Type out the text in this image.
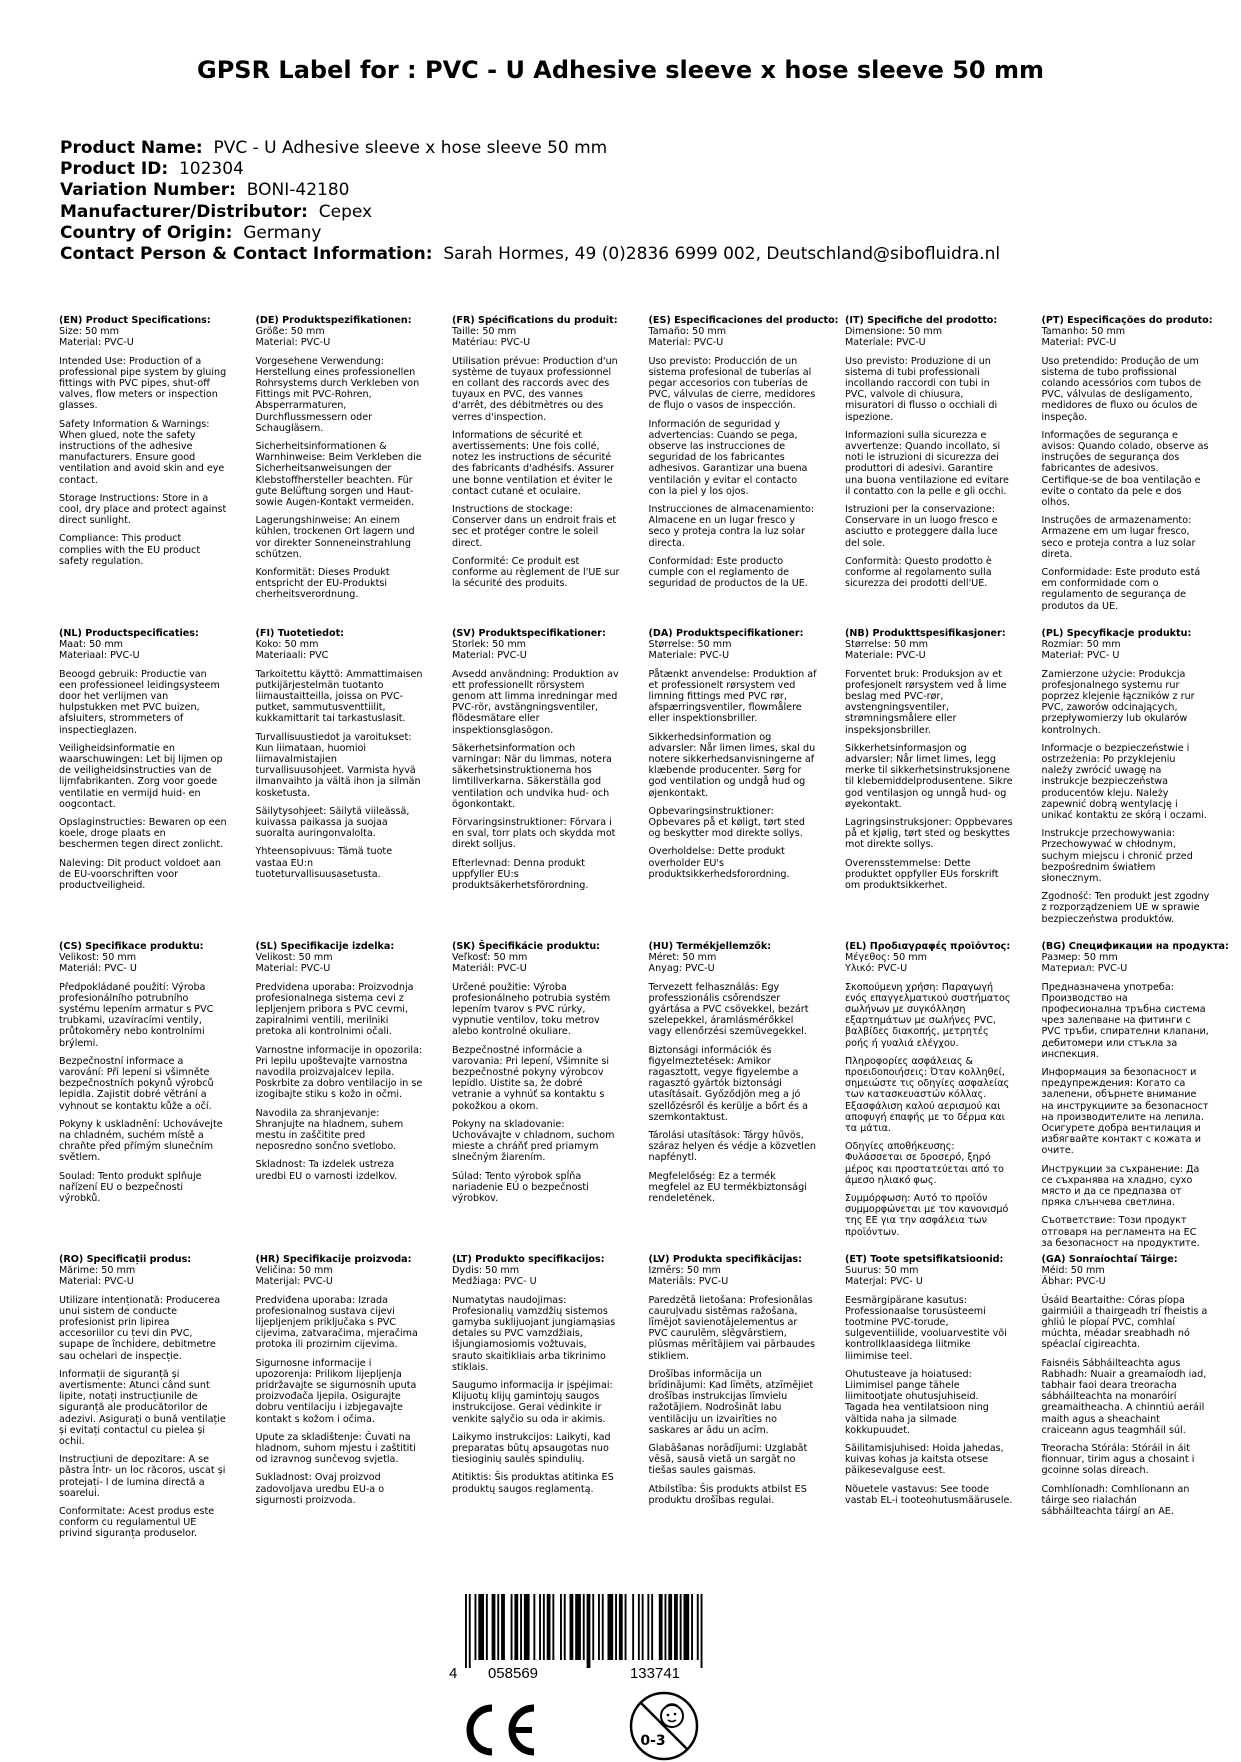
GPSR Label for : PVC - U Adhesive sleeve x hose sleeve 50 mm
Product Name: PVC - U Adhesive sleeve x hose sleeve 50 mm
Product ID: 102304
Variation Number: BONI-42180
Manufacturer/Distributor: Cepex
Country of Origin: Germany
Contact Person & Contact Information: Sarah Hormes, 49 (0)2836 6999 002, Deutschland@sibofluidra.nl
(EN) Product Specifications:
Size: 50 mm
Material: PVC-U
Intended Use: Production of a professional pipe system by gluing fittings with PVC pipes, shut-off valves, flow meters or inspection glasses.
Safety Information & Warnings: When glued, note the safety instructions of the adhesive manufacturers. Ensure good ventilation and avoid skin and eye contact.
Storage Instructions: Store in a cool, dry place and protect against direct sunlight.
Compliance: This product complies with the EU product safety regulation.
(DE) Produktspezifikationen:
Größe: 50 mm
Material: PVC-U
Vorgesehene Verwendung: Herstellung eines professionellen Rohrsystems durch Verkleben von Fittings mit PVC-Rohren, Absperrarmaturen, Durchflussmessern oder Schaugläsern.
Sicherheitsinformationen & Warnhinweise: Beim Verkleben die Sicherheitsanweisungen der Klebstoffhersteller beachten. Für gute Belüftung sorgen und Haut- sowie Augen-Kontakt vermeiden.
Lagerungshinweise: An einem kühlen, trockenen Ort lagern und vor direkter Sonneneinstrahlung schützen.
Konformität: Dieses Produkt entspricht der EU-Produktsi cherheitsverordnung.
(FR) Spécifications du produit:
Taille: 50 mm
Matériau: PVC-U
Utilisation prévue: Production d'un système de tuyaux professionnel en collant des raccords avec des tuyaux en PVC, des vannes d'arrêt, des débitmètres ou des verres d'inspection.
Informations de sécurité et avertissements: Une fois collé, notez les instructions de sécurité des fabricants d'adhésifs. Assurer une bonne ventilation et éviter le contact cutané et oculaire.
Instructions de stockage: Conserver dans un endroit frais et sec et protéger contre le soleil direct.
Conformité: Ce produit est conforme au règlement de l'UE sur la sécurité des produits.
(ES) Especificaciones del producto:
Tamaño: 50 mm
Material: PVC-U
Uso previsto: Producción de un sistema profesional de tuberías al pegar accesorios con tuberías de PVC, válvulas de cierre, medidores de flujo o vasos de inspección.
Información de seguridad y advertencias: Cuando se pega, observe las instrucciones de seguridad de los fabricantes adhesivos. Garantizar una buena ventilación y evitar el contacto con la piel y los ojos.
Instrucciones de almacenamiento: Almacene en un lugar fresco y seco y proteja contra la luz solar directa.
Conformidad: Este producto cumple con el reglamento de seguridad de productos de la UE.
(IT) Specifiche del prodotto:
Dimensione: 50 mm
Materiale: PVC-U
Uso previsto: Produzione di un sistema di tubi professionali incollando raccordi con tubi in PVC, valvole di chiusura, misuratori di flusso o occhiali di ispezione.
Informazioni sulla sicurezza e avvertenze: Quando incollato, si noti le istruzioni di sicurezza dei produttori di adesivi. Garantire una buona ventilazione ed evitare il contatto con la pelle e gli occhi.
Istruzioni per la conservazione: Conservare in un luogo fresco e asciutto e proteggere dalla luce del sole.
Conformità: Questo prodotto è conforme al regolamento sulla sicurezza dei prodotti dell'UE.
(PT) Especificações do produto:
Tamanho: 50 mm
Material: PVC-U
Uso pretendido: Produção de um sistema de tubo profissional colando acessórios com tubos de PVC, válvulas de desligamento, medidores de fluxo ou óculos de inspeção.
Informações de segurança e avisos: Quando colado, observe as instruções de segurança dos fabricantes de adesivos. Certifique-se de boa ventilação e evite o contato da pele e dos olhos.
Instruções de armazenamento: Armazene em um lugar fresco, seco e proteja contra a luz solar direta.
Conformidade: Este produto está em conformidade com o regulamento de segurança de produtos da UE.
(NL) Productspecificaties:
Maat: 50 mm
Materiaal: PVC-U
Beoogd gebruik: Productie van een professioneel leidingsysteem door het verlijmen van hulpstukken met PVC buizen, afsluiters, strommeters of inspectieglazen.
Veiligheidsinformatie en waarschuwingen: Let bij lijmen op de veiligheidsinstructies van de lijmfabrikanten. Zorg voor goede ventilatie en vermijd huid- en oogcontact.
Opslaginstructies: Bewaren op een koele, droge plaats en beschermen tegen direct zonlicht.
Naleving: Dit product voldoet aan de EU-voorschriften voor productveiligheid.
(FI) Tuotetiedot:
Koko: 50 mm
Materiaali: PVC
Tarkoitettu käyttö: Ammattimaisen putkijärjestelmän tuotanto liimaustaitteilla, joissa on PVC-putket, sammutusventtiilit, kukkamittarit tai tarkastuslasit.
Turvallisuustiedot ja varoitukset: Kun liimataan, huomioi liimavalmistajien turvallisuusohjeet. Varmista hyvä ilmanvaihto ja vältä ihon ja silmän kosketusta.
Säilytysohjeet: Säilytä viileässä, kuivassa paikassa ja suojaa suoralta auringonvalolta.
Yhteensopivuus: Tämä tuote vastaa EU:n tuoteturvallisuusasetusta.
(SV) Produktspecifikationer:
Storlek: 50 mm
Material: PVC-U
Avsedd användning: Produktion av ett professionellt rörsystem genom att limma inredningar med PVC-rör, avstängningsventiler, flödesmätare eller inspektionsglasögon.
Säkerhetsinformation och varningar: När du limmas, notera säkerhetsinstruktionerna hos limtillverkarna. Säkerställa god ventilation och undvika hud- och ögonkontakt.
Förvaringsinstruktioner: Förvara i en sval, torr plats och skydda mot direkt solljus.
Efterlevnad: Denna produkt uppfyller EU:s produktsäkerhetsförordning.
(DA) Produktspecifikationer:
Størrelse: 50 mm
Materiale: PVC-U
Påtænkt anvendelse: Produktion af et professionelt rørsystem ved limning fittings med PVC rør, afspærringsventiler, flowmålere eller inspektionsbriller.
Sikkerhedsinformation og advarsler: Når limen limes, skal du notere sikkerhedsanvisningerne af klæbende producenter. Sørg for god ventilation og undgå hud og øjenkontakt.
Opbevaringsinstruktioner: Opbevares på et køligt, tørt sted og beskytter mod direkte sollys.
Overholdelse: Dette produkt overholder EU's produktsikkerhedsforordning.
(NB) Produkttspesifikasjoner:
Størrelse: 50 mm
Materiale: PVC-U
Forventet bruk: Produksjon av et profesjonelt rørsystem ved å lime beslag med PVC-rør, avstengningsventiler, strømningsmålere eller inspeksjonsbriller.
Sikkerhetsinformasjon og advarsler: Når limet limes, legg merke til sikkerhetsinstruksjonene til klebemiddelprodusentene. Sikre god ventilasjon og unngå hud- og øyekontakt.
Lagringsinstruksjoner: Oppbevares på et kjølig, tørt sted og beskyttes mot direkte sollys.
Overensstemmelse: Dette produktet oppfyller EUs forskrift om produktsikkerhet.
(PL) Specyfikacje produktu:
Rozmiar: 50 mm
Materiał: PVC- U
Zamierzone użycie: Produkcja profesjonalnego systemu rur poprzez klejenie łączników z rur PVC, zaworów odcinających, przepływomierzy lub okularów kontrolnych.
Informacje o bezpieczeństwie i ostrzeżenia: Po przyklejeniu należy zwrócić uwagę na instrukcje bezpieczeństwa producentów kleju. Należy zapewnić dobrą wentylację i unikać kontaktu ze skórą i oczami.
Instrukcje przechowywania: Przechowywać w chłodnym, suchym miejscu i chronić przed bezpośrednim światłem słonecznym.
Zgodność: Ten produkt jest zgodny z rozporządzeniem UE w sprawie bezpieczeństwa produktów.
(CS) Specifikace produktu:
Velikost: 50 mm
Materiál: PVC- U
Předpokládané použití: Výroba profesionálního potrubního systému lepením armatur s PVC trubkami, uzavíracími ventily, průtokoměry nebo kontrolními brýlemi.
Bezpečnostní informace a varování: Při lepení si všimněte bezpečnostních pokynů výrobců lepidla. Zajistit dobré větrání a vyhnout se kontaktu kůže a očí.
Pokyny k uskladnění: Uchovávejte na chladném, suchém místě a chraňte před přímým slunečním světlem.
Soulad: Tento produkt splňuje nařízení EU o bezpečnosti výrobků.
(SL) Specifikacije izdelka:
Velikost: 50 mm
Material: PVC-U
Predvidena uporaba: Proizvodnja profesionalnega sistema cevi z lepljenjem pribora s PVC cevmi, zapiralnimi ventili, merilniki pretoka ali kontrolnimi očali.
Varnostne informacije in opozorila: Pri lepilu upoštevajte varnostna navodila proizvajalcev lepila. Poskrbite za dobro ventilacijo in se izogibajte stiku s kožo in očmi.
Navodila za shranjevanje: Shranjujte na hladnem, suhem mestu in zaščitite pred neposredno sončno svetlobo.
Skladnost: Ta izdelek ustreza uredbi EU o varnosti izdelkov.
(SK) Špecifikácie produktu:
Veľkosť: 50 mm
Materiál: PVC-U
Určené použitie: Výroba profesionálneho potrubia systém lepením tvarov s PVC rúrky, vypnutie ventilov, toku metrov alebo kontrolné okuliare.
Bezpečnostné informácie a varovania: Pri lepení, Všimnite si bezpečnostné pokyny výrobcov lepidlo. Uistite sa, že dobré vetranie a vyhnúť sa kontaktu s pokožkou a okom.
Pokyny na skladovanie: Uchovávajte v chladnom, suchom mieste a chráňť pred priamym slnečným žiarením.
Súlad: Tento výrobok spĺňa nariadenie EÚ o bezpečnosti výrobkov.
(HU) Termékjellemzők:
Méret: 50 mm
Anyag: PVC-U
Tervezett felhasználás: Egy professzionális csőrendszer gyártása a PVC csövekkel, bezárt szelepekkel, áramlásmérőkkel vagy ellenőrzési szemüvegekkel.
Biztonsági információk és figyelmeztetések: Amikor ragasztott, vegye figyelembe a ragasztó gyártók biztonsági utasításait. Győződjön meg a jó szellőzésről és kerülje a bőrt és a szemkontaktust.
Tárolási utasítások: Tárgy hűvös, száraz helyen és védje a közvetlen napfénytl.
Megfelelőség: Ez a termék megfelel az EU termékbiztonsági rendeletének.
(EL) Προδιαγραφές προϊόντος:
Μέγεθος: 50 mm
Υλικό: PVC-U
Σκοπούμενη χρήση: Παραγωγή ενός επαγγελματικού συστήματος σωλήνων με συγκόλληση εξαρτημάτων με σωλήνες PVC, βαλβίδες διακοπής, μετρητές ροής ή γυαλιά ελέγχου.
Πληροφορίες ασφάλειας & προειδοποιήσεις: Όταν κολληθεί, σημειώστε τις οδηγίες ασφαλείας των κατασκευαστών κόλλας. Εξασφάλιση καλού αερισμού και αποφυγή επαφής με το δέρμα και τα μάτια.
Οδηγίες αποθήκευσης: Φυλάσσεται σε δροσερό, ξηρό μέρος και προστατεύεται από το άμεσο ηλιακό φως.
Συμμόρφωση: Αυτό το προϊόν συμμορφώνεται με τον κανονισμό της ΕΕ για την ασφάλεια των προϊόντων.
(BG) Спецификации на продукта:
Размер: 50 mm
Материал: PVC-U
Предназначена употреба: Производство на професионална тръбна система чрез залепване на фитинги с PVC тръби, спирателни клапани, дебитомери или стъкла за инспекция.
Информация за безопасност и предупреждения: Когато са залепени, обърнете внимание на инструкциите за безопасност на производителите на лепила. Осигурете добра вентилация и избягвайте контакт с кожата и очите.
Инструкции за съхранение: Да се съхранява на хладно, сухо място и да се предпазва от пряка слънчева светлина.
Съответствие: Този продукт отговаря на регламента на ЕС за безопасност на продуктите.
(RO) Specificații produs:
Mărime: 50 mm
Material: PVC-U
Utilizare intenționată: Producerea unui sistem de conducte profesionist prin lipirea accesoriilor cu țevi din PVC, supape de închidere, debitmetre sau ochelari de inspecție.
Informații de siguranță și avertismente: Atunci când sunt lipite, notați instrucțiunile de siguranță ale producătorilor de adezivi. Asigurați o bună ventilație și evitați contactul cu pielea și ochii.
Instrucțiuni de depozitare: A se păstra într- un loc răcoros, uscat și protejați- l de lumina directă a soarelui.
Conformitate: Acest produs este conform cu regulamentul UE privind siguranța produselor.
(HR) Specifikacije proizvoda:
Veličina: 50 mm
Materijal: PVC-U
Predviđena uporaba: Izrada profesionalnog sustava cijevi lijepljenjem priključaka s PVC cijevima, zatvaračima, mjeračima protoka ili prozirnim cijevima.
Sigurnosne informacije i upozorenja: Prilikom lijepljenja pridržavajte se sigurnosnih uputa proizvođača ljepila. Osigurajte dobru ventilaciju i izbjegavajte kontakt s kožom i očima.
Upute za skladištenje: Čuvati na hladnom, suhom mjestu i zaštititi od izravnog sunčevog svjetla.
Sukladnost: Ovaj proizvod zadovoljava uredbu EU-a o sigurnosti proizvoda.
(LT) Produkto specifikacijos:
Dydis: 50 mm
Medžiaga: PVC- U
Numatytas naudojimas: Profesionalių vamzdžių sistemos gamyba suklijuojant jungiamąsias detales su PVC vamzdžiais, išjungiamosiomis vožtuvais, srauto skaitikliais arba tikrinimo stiklais.
Saugumo informacija ir įspėjimai: Klijuotų klijų gamintojų saugos instrukcijose. Gerai vėdinkite ir venkite sąlyčio su oda ir akimis.
Laikymo instrukcijos: Laikyti, kad preparatas būtų apsaugotas nuo tiesioginių saulės spindulių.
Atitiktis: Šis produktas atitinka ES produktų saugos reglamentą.
(LV) Produkta specifikācijas:
Izmērs: 50 mm
Materiāls: PVC-U
Paredzētā lietošana: Profesionālas cauruļvadu sistēmas ražošana, līmējot savienotājelementus ar PVC caurulēm, slēgvārstiem, plūsmas mērītājiem vai pārbaudes stikliem.
Drošības informācija un brīdinājumi: Kad līmēts, atzīmējiet drošības instrukcijas līmvielu ražotājiem. Nodrošināt labu ventilāciju un izvairīties no saskares ar ādu un acīm.
Glabāšanas norādījumi: Uzglabāt vēsā, sausā vietā un sargāt no tiešas saules gaismas.
Atbilstība: Šis produkts atbilst ES produktu drošības regulai.
(ET) Toote spetsifikatsioonid:
Suurus: 50 mm
Materjal: PVC- U
Eesmärgipärane kasutus: Professionaalse torusüsteemi tootmine PVC-torude, sulgeventiilide, vooluarvestite või kontrollklaasidega liitmike liimimise teel.
Ohutusteave ja hoiatused: Liimimisel pange tähele liimitootjate ohutusjuhiseid. Tagada hea ventilatsioon ning vältida naha ja silmade kokkupuudet.
Säilitamisjuhised: Hoida jahedas, kuivas kohas ja kaitsta otsese päikesevalguse eest.
Nõuetele vastavus: See toode vastab EL-i tooteohutusmäärusele.
(GA) Sonraíochtaí Táirge:
Méid: 50 mm
Ábhar: PVC-U
Úsáid Beartaithe: Córas píopa gairmiúil a thairgeadh trí fheistis a ghliú le píopaí PVC, comhlaí múchta, méadar sreabhadh nó spéaclaí cigireachta.
Faisnéis Sábháilteachta agus Rabhadh: Nuair a greamaíodh iad, tabhair faoi deara treoracha sábháilteachta na monaróirí greamaitheacha. A chinntiú aeráil maith agus a sheachaint craiceann agus teagmháil súl.
Treoracha Stórála: Stóráil in áit fionnuar, tirim agus a chosaint i gcoinne solas díreach.
Comhlíonadh: Comhlíonann an táirge seo rialachán sábháilteachta táirgí an AE.
4 058569	133741
0-3
